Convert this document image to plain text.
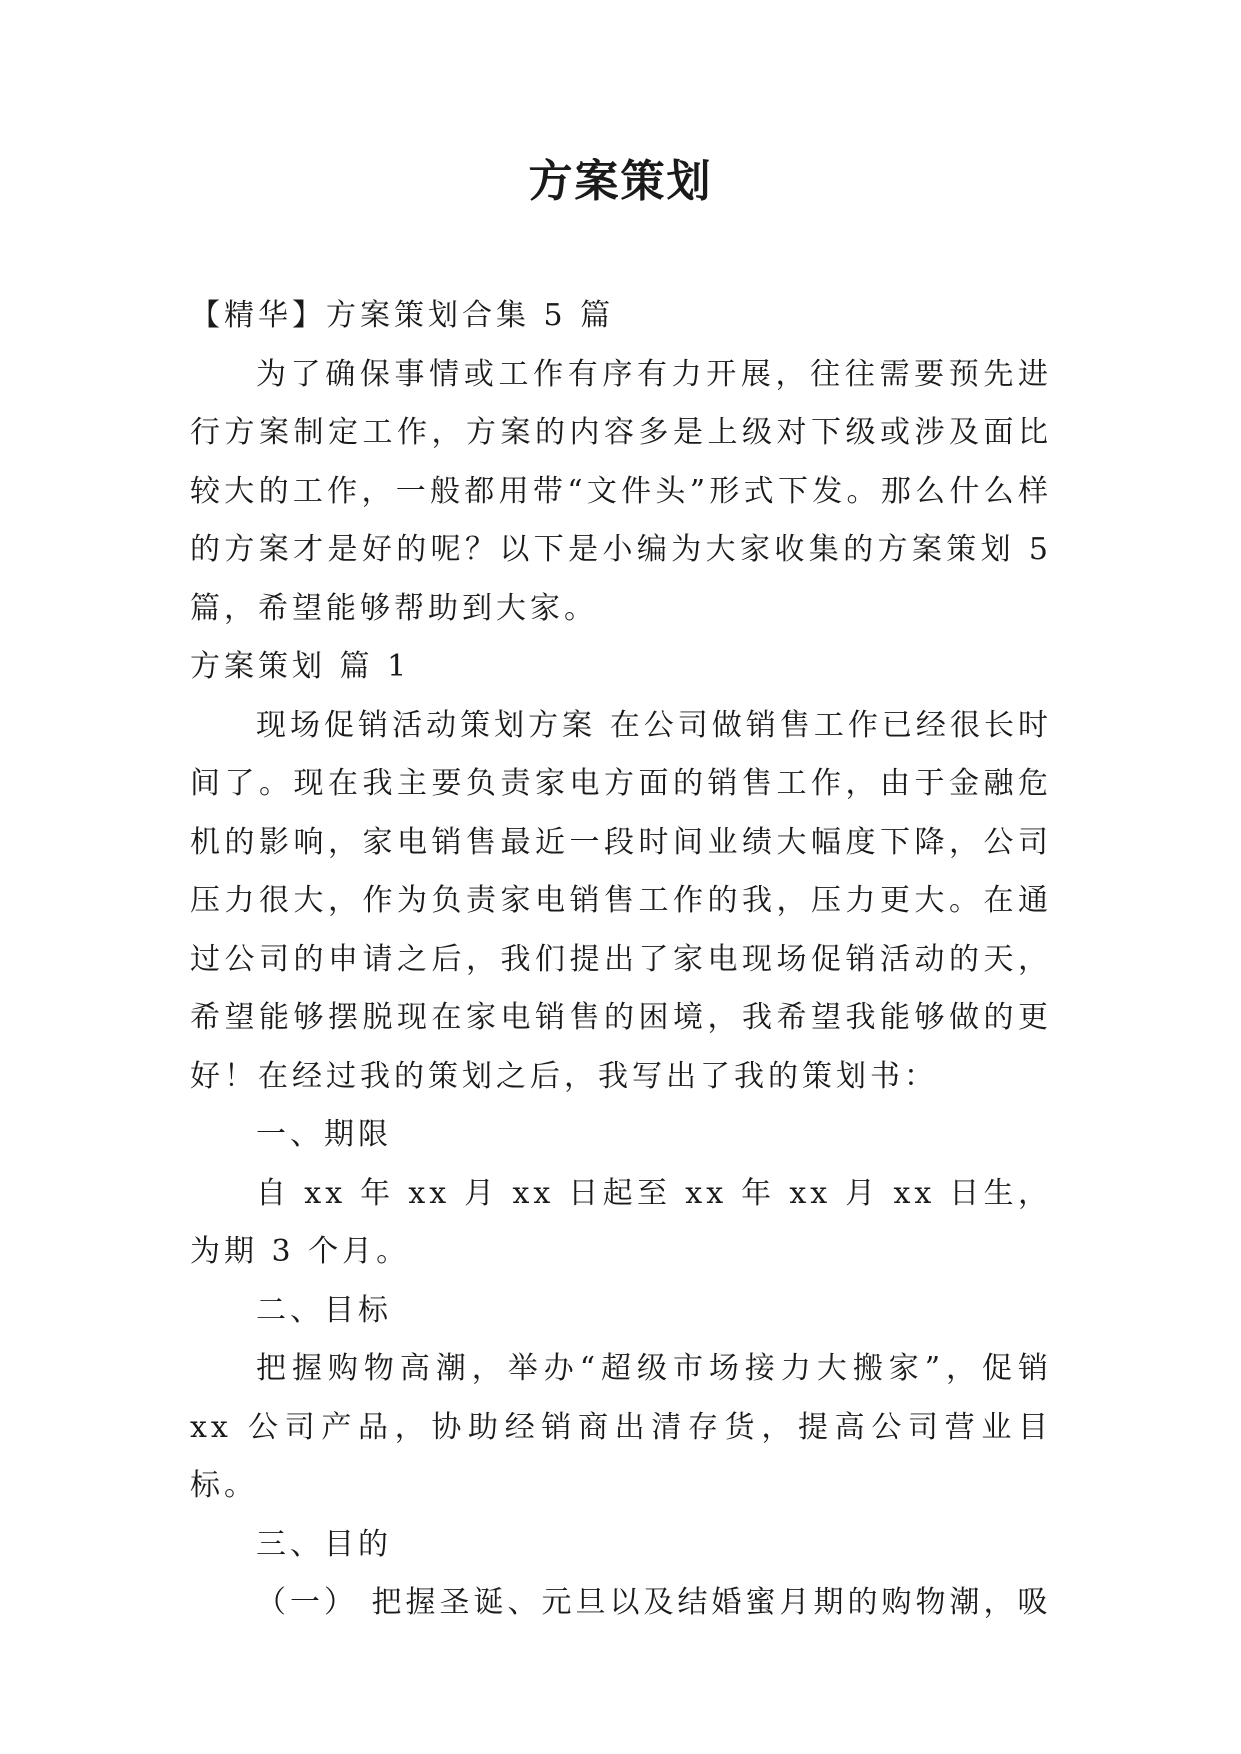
方案策划

【精华】方案策划合集 5 篇

为了确保事情或工作有序有力开展，往往需要预先进行方案制定工作，方案的内容多是上级对下级或涉及面比较大的工作，一般都用带“文件头”形式下发。那么什么样的方案才是好的呢？以下是小编为大家收集的方案策划 5 篇，希望能够帮助到大家。

方案策划 篇 1

现场促销活动策划方案 在公司做销售工作已经很长时间了。现在我主要负责家电方面的销售工作，由于金融危机的影响，家电销售最近一段时间业绩大幅度下降，公司压力很大，作为负责家电销售工作的我，压力更大。在通过公司的申请之后，我们提出了家电现场促销活动的天，希望能够摆脱现在家电销售的困境，我希望我能够做的更好！在经过我的策划之后，我写出了我的策划书：

一、期限

自 xx 年 xx 月 xx 日起至 xx 年 xx 月 xx 日生，为期 3 个月。

二、目标

把握购物高潮，举办“超级市场接力大搬家”，促销 xx 公司产品，协助经销商出清存货，提高公司营业目标。

三、目的

（一） 把握圣诞、元旦以及结婚蜜月期的购物潮，吸
